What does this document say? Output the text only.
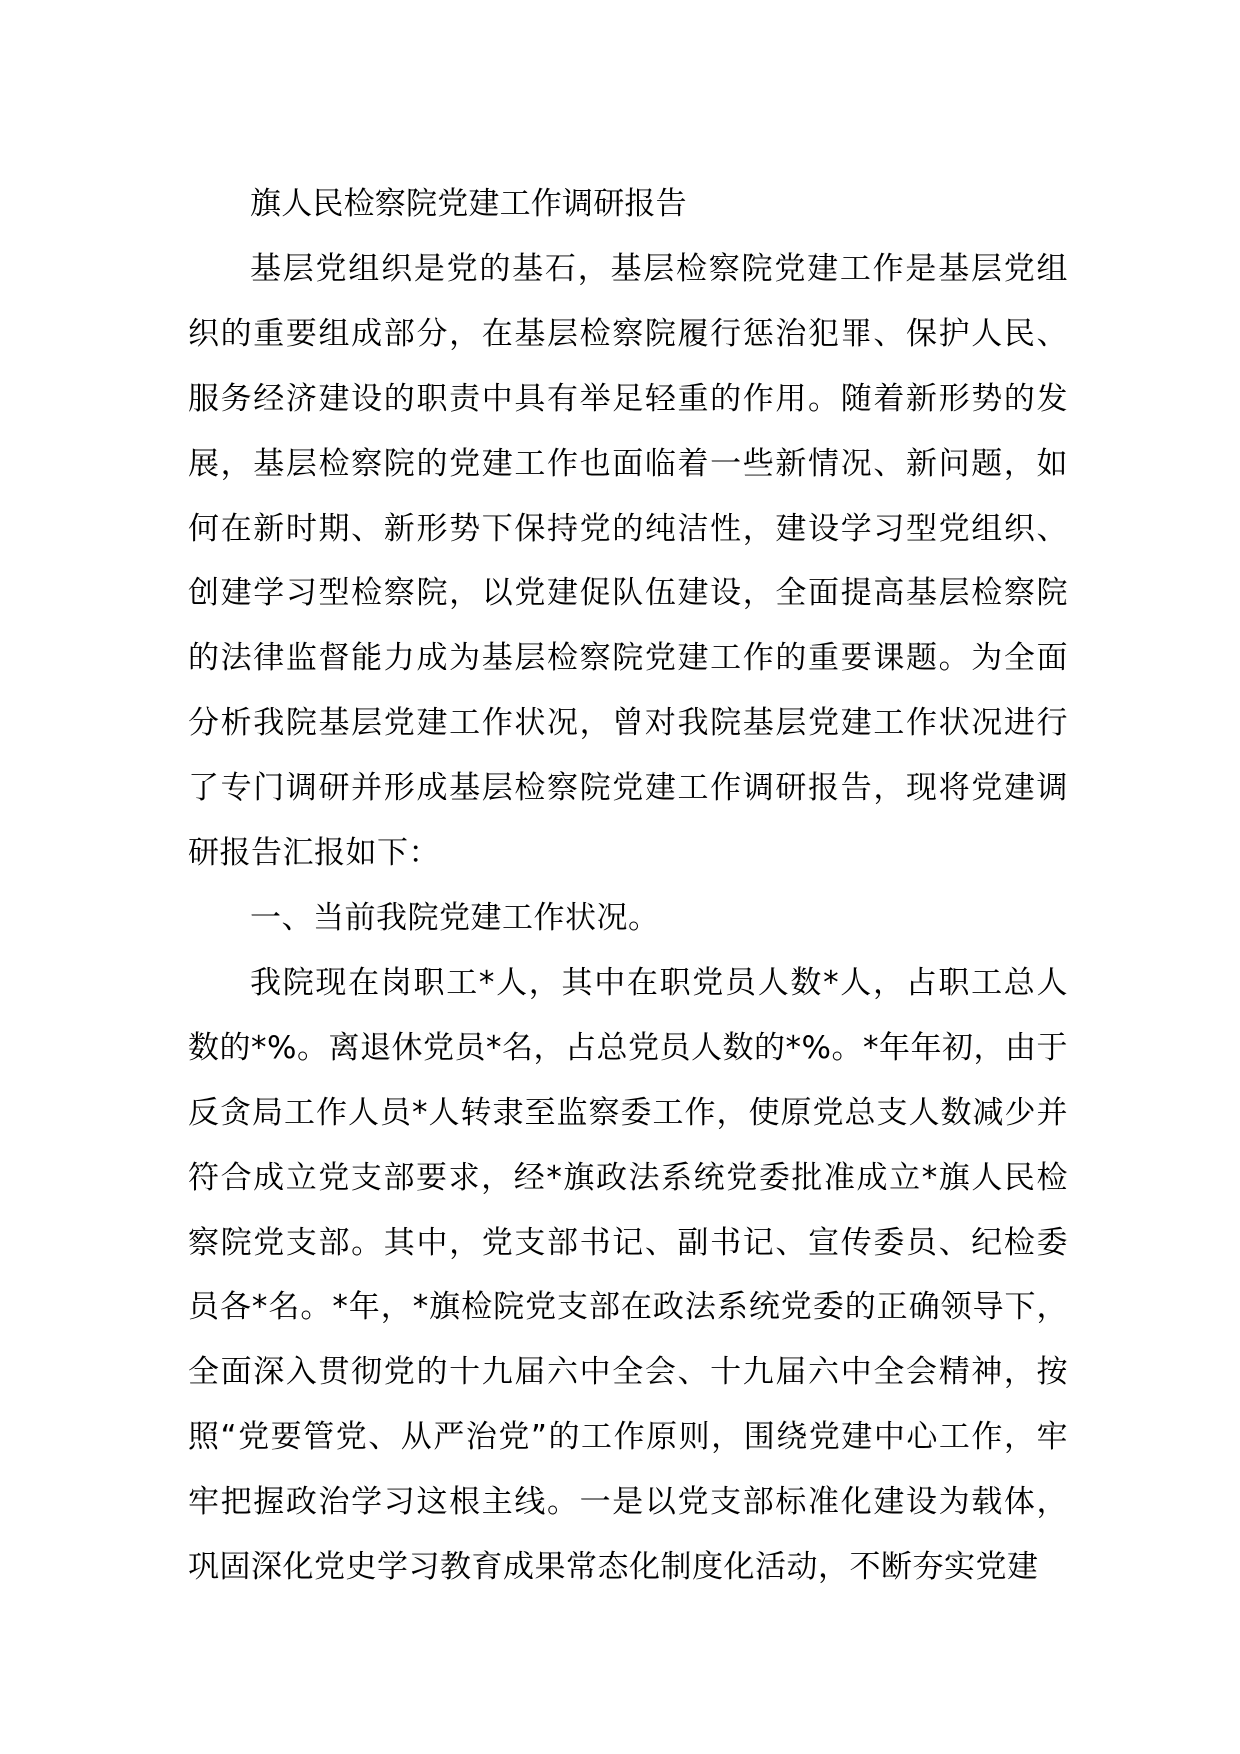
旗人民检察院党建工作调研报告

基层党组织是党的基石，基层检察院党建工作是基层党组织的重要组成部分，在基层检察院履行惩治犯罪、保护人民、服务经济建设的职责中具有举足轻重的作用。随着新形势的发展，基层检察院的党建工作也面临着一些新情况、新问题，如何在新时期、新形势下保持党的纯洁性，建设学习型党组织、创建学习型检察院，以党建促队伍建设，全面提高基层检察院的法律监督能力成为基层检察院党建工作的重要课题。为全面分析我院基层党建工作状况，曾对我院基层党建工作状况进行了专门调研并形成基层检察院党建工作调研报告，现将党建调研报告汇报如下：

一、当前我院党建工作状况。

我院现在岗职工*人，其中在职党员人数*人，占职工总人数的*%。离退休党员*名，占总党员人数的*%。*年年初，由于反贪局工作人员*人转隶至监察委工作，使原党总支人数减少并符合成立党支部要求，经*旗政法系统党委批准成立*旗人民检察院党支部。其中，党支部书记、副书记、宣传委员、纪检委员各*名。*年，*旗检院党支部在政法系统党委的正确领导下，全面深入贯彻党的十九届六中全会、十九届六中全会精神，按照“党要管党、从严治党”的工作原则，围绕党建中心工作，牢牢把握政治学习这根主线。一是以党支部标准化建设为载体，巩固深化党史学习教育成果常态化制度化活动，不断夯实党建
